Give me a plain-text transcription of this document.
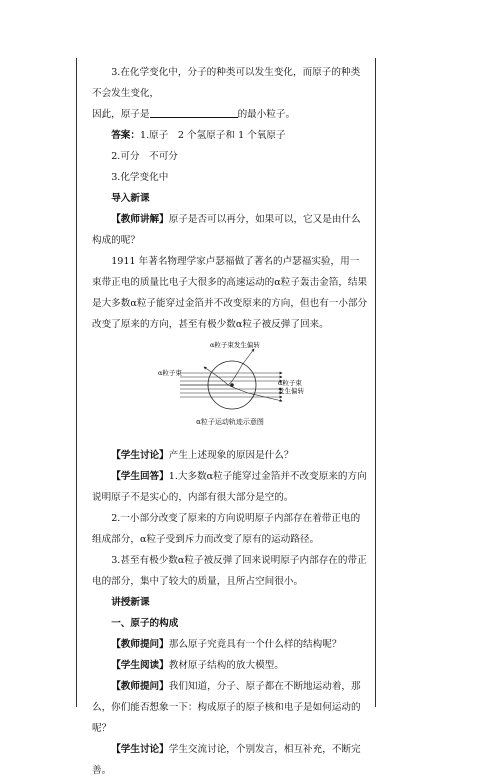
3.在化学变化中，分子的种类可以发生变化，而原子的种类不会发生变化，

因此，原子是	的最小粒子。

答案：1.原子　2 个氢原子和 1 个氧原子

2.可分　不可分

3.化学变化中

导入新课

【教师讲解】原子是否可以再分，如果可以，它又是由什么构成的呢？

1911 年著名物理学家卢瑟福做了著名的卢瑟福实验，用一束带正电的质量比电子大很多的高速运动的α粒子轰击金箔，结果是大多数α粒子能穿过金箔并不改变原来的方向，但也有一小部分改变了原来的方向，甚至有极少数α粒子被反弹了回来。

α粒子束发生偏转
α粒子束
α粒子束
发生偏转
α粒子运动轨迹示意图

【学生讨论】产生上述现象的原因是什么？

【学生回答】1.大多数α粒子能穿过金箔并不改变原来的方向说明原子不是实心的，内部有很大部分是空的。

2.一小部分改变了原来的方向说明原子内部存在着带正电的组成部分，α粒子受到斥力而改变了原有的运动路径。

3.甚至有极少数α粒子被反弹了回来说明原子内部存在的带正电的部分，集中了较大的质量，且所占空间很小。

讲授新课

一、原子的构成

【教师提问】那么原子究竟具有一个什么样的结构呢？

【学生阅读】教材原子结构的放大模型。

【教师提问】我们知道，分子、原子都在不断地运动着，那么，你们能否想象一下：构成原子的原子核和电子是如何运动的呢？

【学生讨论】学生交流讨论，个别发言，相互补充，不断完善。
